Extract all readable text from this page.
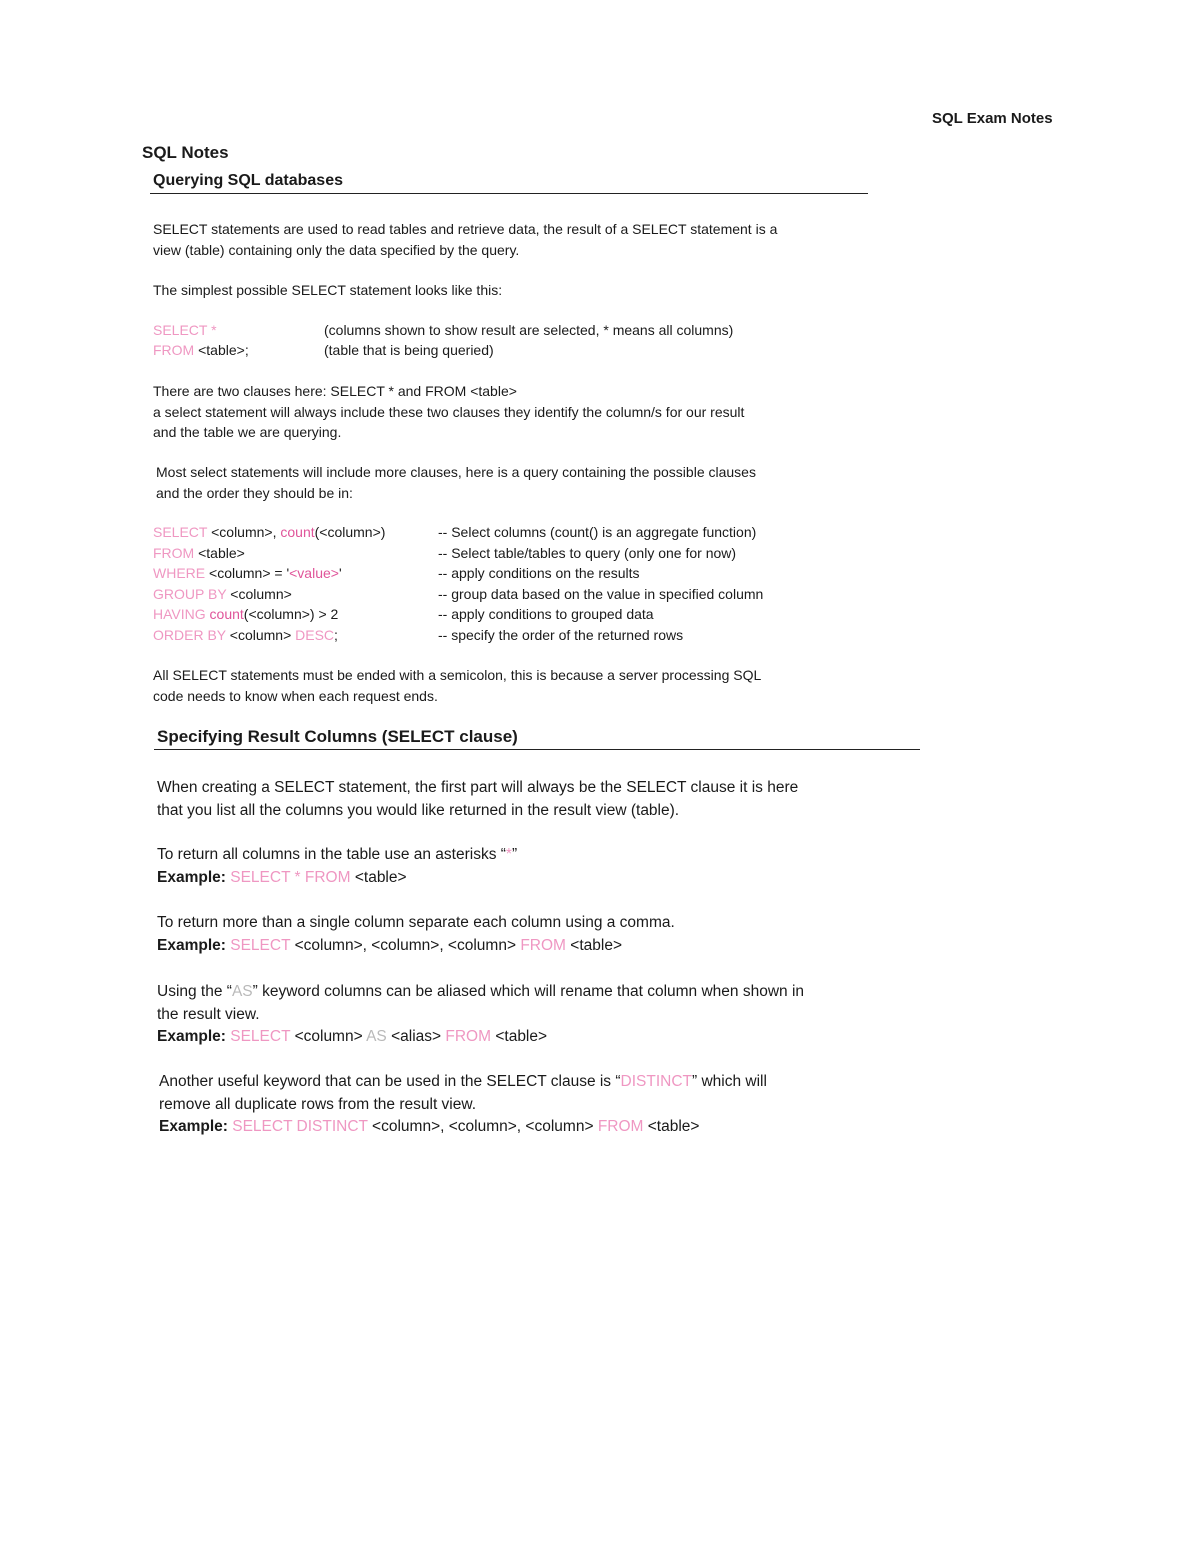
SQL Exam Notes
SQL Notes
Querying SQL databases
SELECT statements are used to read tables and retrieve data, the result of a SELECT statement is a
view (table) containing only the data specified by the query.
The simplest possible SELECT statement looks like this:
SELECT *	(columns shown to show result are selected, * means all columns)
FROM <table>;	(table that is being queried)
There are two clauses here: SELECT * and FROM <table>
a select statement will always include these two clauses they identify the column/s for our result
and the table we are querying.
Most select statements will include more clauses, here is a query containing the possible clauses
and the order they should be in:
SELECT <column>, count(<column>)
FROM <table>
WHERE <column> = '<value>'
GROUP BY <column>
HAVING count(<column>) > 2
ORDER BY <column> DESC;
-- Select columns (count() is an aggregate function)
-- Select table/tables to query (only one for now)
-- apply conditions on the results
-- group data based on the value in specified column
-- apply conditions to grouped data
-- specify the order of the returned rows
All SELECT statements must be ended with a semicolon, this is because a server processing SQL
code needs to know when each request ends.
Specifying Result Columns (SELECT clause)
When creating a SELECT statement, the first part will always be the SELECT clause it is here
that you list all the columns you would like returned in the result view (table).
To return all columns in the table use an asterisks “*”
Example: SELECT * FROM <table>
To return more than a single column separate each column using a comma.
Example: SELECT <column>, <column>, <column> FROM <table>
Using the “AS” keyword columns can be aliased which will rename that column when shown in
the result view.
Example: SELECT <column> AS <alias> FROM <table>
Another useful keyword that can be used in the SELECT clause is “DISTINCT” which will
remove all duplicate rows from the result view.
Example: SELECT DISTINCT <column>, <column>, <column> FROM <table>
